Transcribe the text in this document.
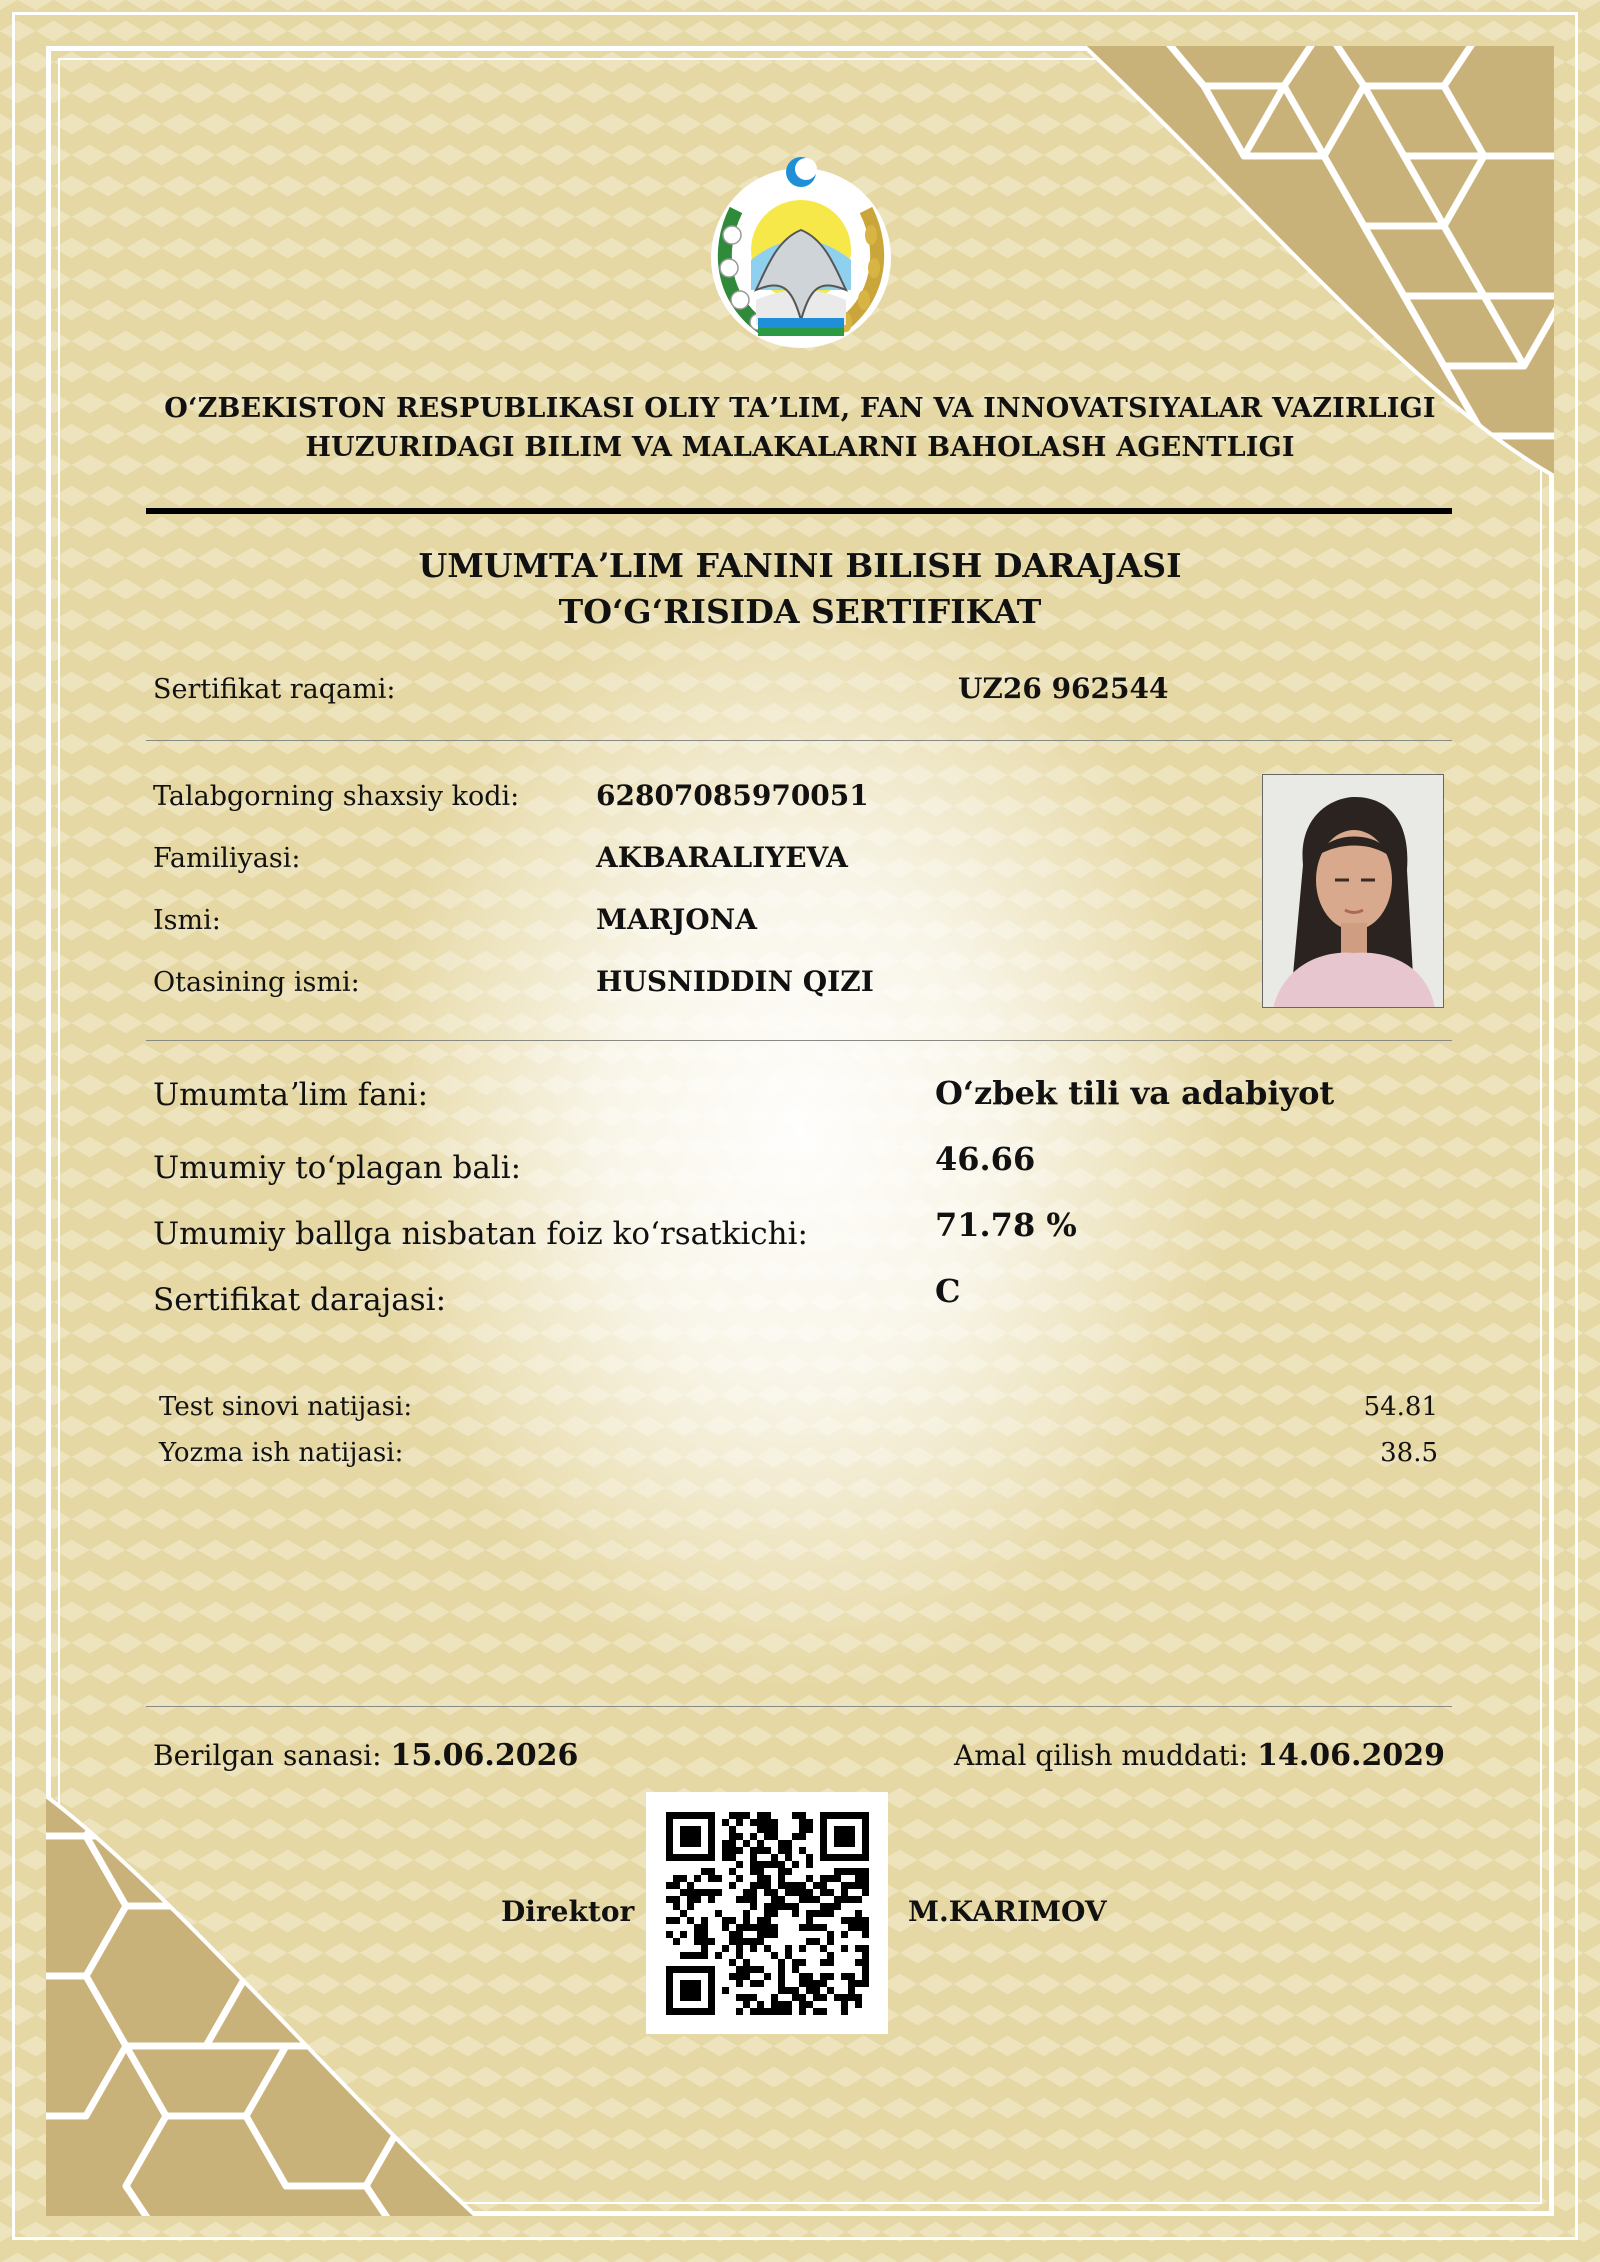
★
OʻZBEKISTON RESPUBLIKASI OLIY TAʼLIM, FAN VA INNOVATSIYALAR VAZIRLIGI
HUZURIDAGI BILIM VA MALAKALARNI BAHOLASH AGENTLIGI
UMUMTAʼLIM FANINI BILISH DARAJASI
TOʻGʻRISIDA SERTIFIKAT
Sertifikat raqami:	UZ26 962544
Talabgorning shaxsiy kodi:	62807085970051
Familiyasi:	AKBARALIYEVA
Ismi:	MARJONA
Otasining ismi:	HUSNIDDIN QIZI
Umumtaʼlim fani:	Oʻzbek tili va adabiyot
Umumiy toʻplagan bali:	46.66
Umumiy ballga nisbatan foiz koʻrsatkichi:	71.78 %
Sertifikat darajasi:	C
Test sinovi natijasi:	54.81
Yozma ish natijasi:	38.5
Berilgan sanasi: 15.06.2026	Amal qilish muddati: 14.06.2029
Direktor	M.KARIMOV
